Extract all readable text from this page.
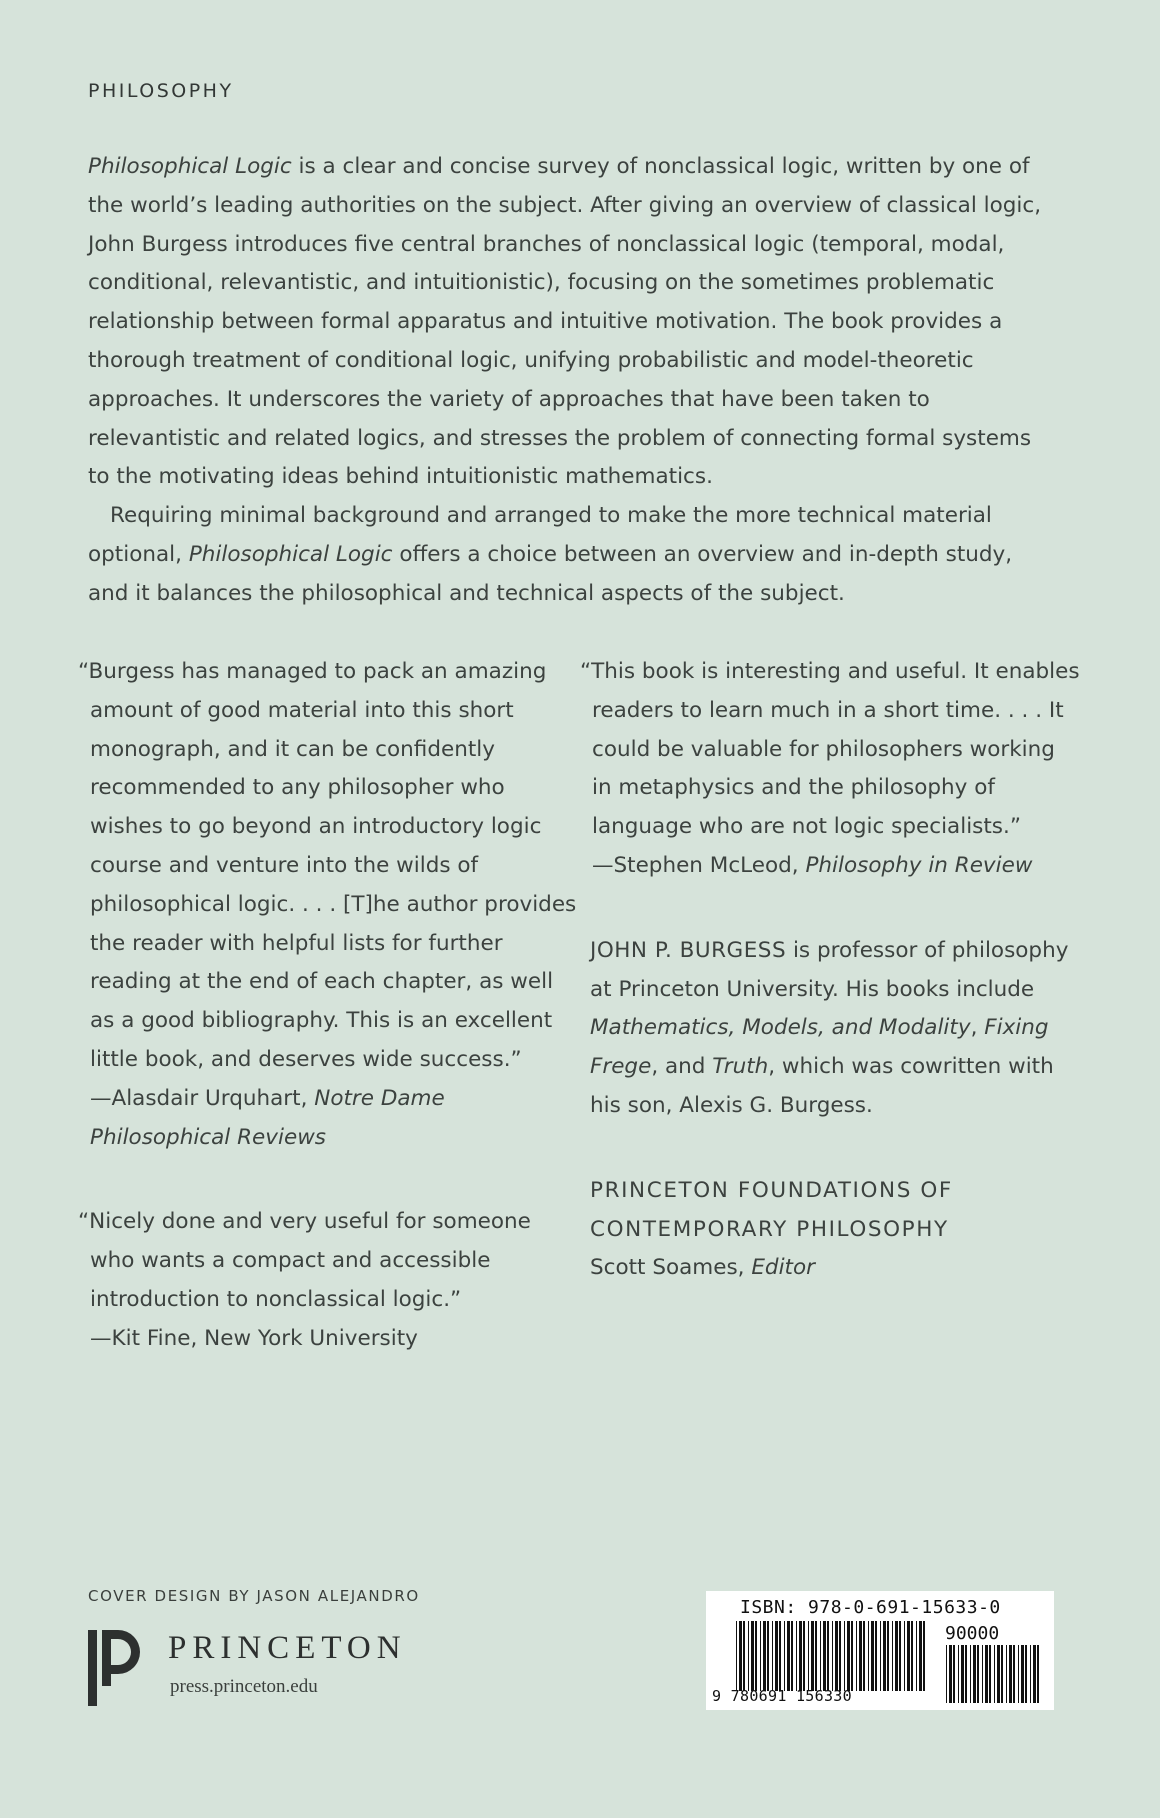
PHILOSOPHY

Philosophical Logic is a clear and concise survey of nonclassical logic, written by one of the world’s leading authorities on the subject. After giving an overview of classical logic, John Burgess introduces five central branches of nonclassical logic (temporal, modal, conditional, relevantistic, and intuitionistic), focusing on the sometimes problematic relationship between formal apparatus and intuitive motivation. The book provides a thorough treatment of conditional logic, unifying probabilistic and model-theoretic approaches. It underscores the variety of approaches that have been taken to relevantistic and related logics, and stresses the problem of connecting formal systems to the motivating ideas behind intuitionistic mathematics.

Requiring minimal background and arranged to make the more technical material optional, Philosophical Logic offers a choice between an overview and in-depth study, and it balances the philosophical and technical aspects of the subject.

“Burgess has managed to pack an amazing amount of good material into this short monograph, and it can be confidently recommended to any philosopher who wishes to go beyond an introductory logic course and venture into the wilds of philosophical logic. . . . [T]he author provides the reader with helpful lists for further reading at the end of each chapter, as well as a good bibliography. This is an excellent little book, and deserves wide success.”
—Alasdair Urquhart, Notre Dame Philosophical Reviews
“Nicely done and very useful for someone who wants a compact and accessible introduction to nonclassical logic.”
—Kit Fine, New York University
“This book is interesting and useful. It enables readers to learn much in a short time. . . . It could be valuable for philosophers working in metaphysics and the philosophy of language who are not logic specialists.”
—Stephen McLeod, Philosophy in Review
JOHN P. BURGESS is professor of philosophy at Princeton University. His books include Mathematics, Models, and Modality, Fixing Frege, and Truth, which was cowritten with his son, Alexis G. Burgess.
PRINCETON FOUNDATIONS OF
CONTEMPORARY PHILOSOPHY
Scott Soames, Editor
COVER DESIGN BY JASON ALEJANDRO
PRINCETON
press.princeton.edu
ISBN: 978-0-691-15633-0
90000
9 780691 156330
